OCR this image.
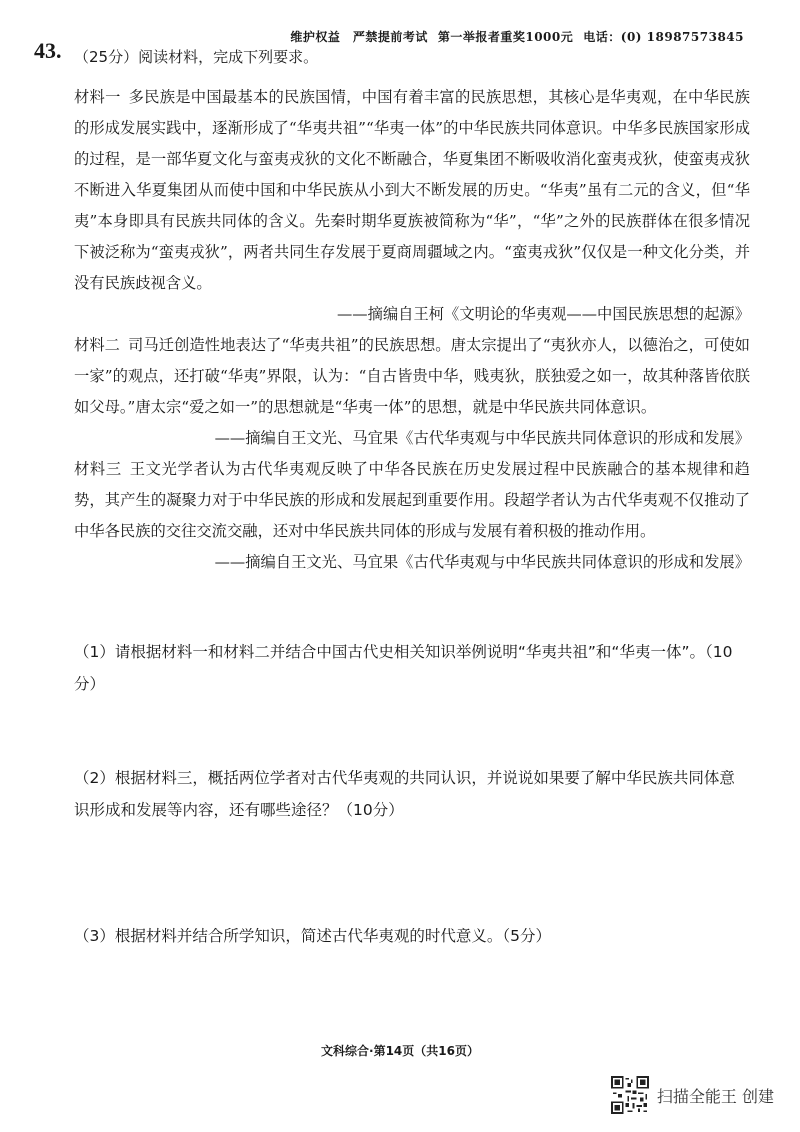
维护权益　严禁提前考试 第一举报者重奖1000元 电话：(0) 18987573845
43. （25分）阅读材料，完成下列要求。

材料一 多民族是中国最基本的民族国情，中国有着丰富的民族思想，其核心是华夷观，在中华民族的形成发展实践中，逐渐形成了“华夷共祖”“华夷一体”的中华民族共同体意识。中华多民族国家形成的过程，是一部华夏文化与蛮夷戎狄的文化不断融合，华夏集团不断吸收消化蛮夷戎狄，使蛮夷戎狄不断进入华夏集团从而使中国和中华民族从小到大不断发展的历史。“华夷”虽有二元的含义，但“华夷”本身即具有民族共同体的含义。先秦时期华夏族被简称为“华”，“华”之外的民族群体在很多情况下被泛称为“蛮夷戎狄”，两者共同生存发展于夏商周疆域之内。“蛮夷戎狄”仅仅是一种文化分类，并没有民族歧视含义。

——摘编自王柯《文明论的华夷观——中国民族思想的起源》

材料二 司马迁创造性地表达了“华夷共祖”的民族思想。唐太宗提出了“夷狄亦人，以德治之，可使如一家”的观点，还打破“华夷”界限，认为：“自古皆贵中华，贱夷狄，朕独爱之如一，故其种落皆依朕如父母。”唐太宗“爱之如一”的思想就是“华夷一体”的思想，就是中华民族共同体意识。

——摘编自王文光、马宜果《古代华夷观与中华民族共同体意识的形成和发展》

材料三 王文光学者认为古代华夷观反映了中华各民族在历史发展过程中民族融合的基本规律和趋势，其产生的凝聚力对于中华民族的形成和发展起到重要作用。段超学者认为古代华夷观不仅推动了中华各民族的交往交流交融，还对中华民族共同体的形成与发展有着积极的推动作用。

——摘编自王文光、马宜果《古代华夷观与中华民族共同体意识的形成和发展》

（1）请根据材料一和材料二并结合中国古代史相关知识举例说明“华夷共祖”和“华夷一体”。（10分）
（2）根据材料三，概括两位学者对古代华夷观的共同认识，并说说如果要了解中华民族共同体意识形成和发展等内容，还有哪些途径？（10分）
（3）根据材料并结合所学知识，简述古代华夷观的时代意义。（5分）
文科综合·第14页（共16页）
扫描全能王 创建
